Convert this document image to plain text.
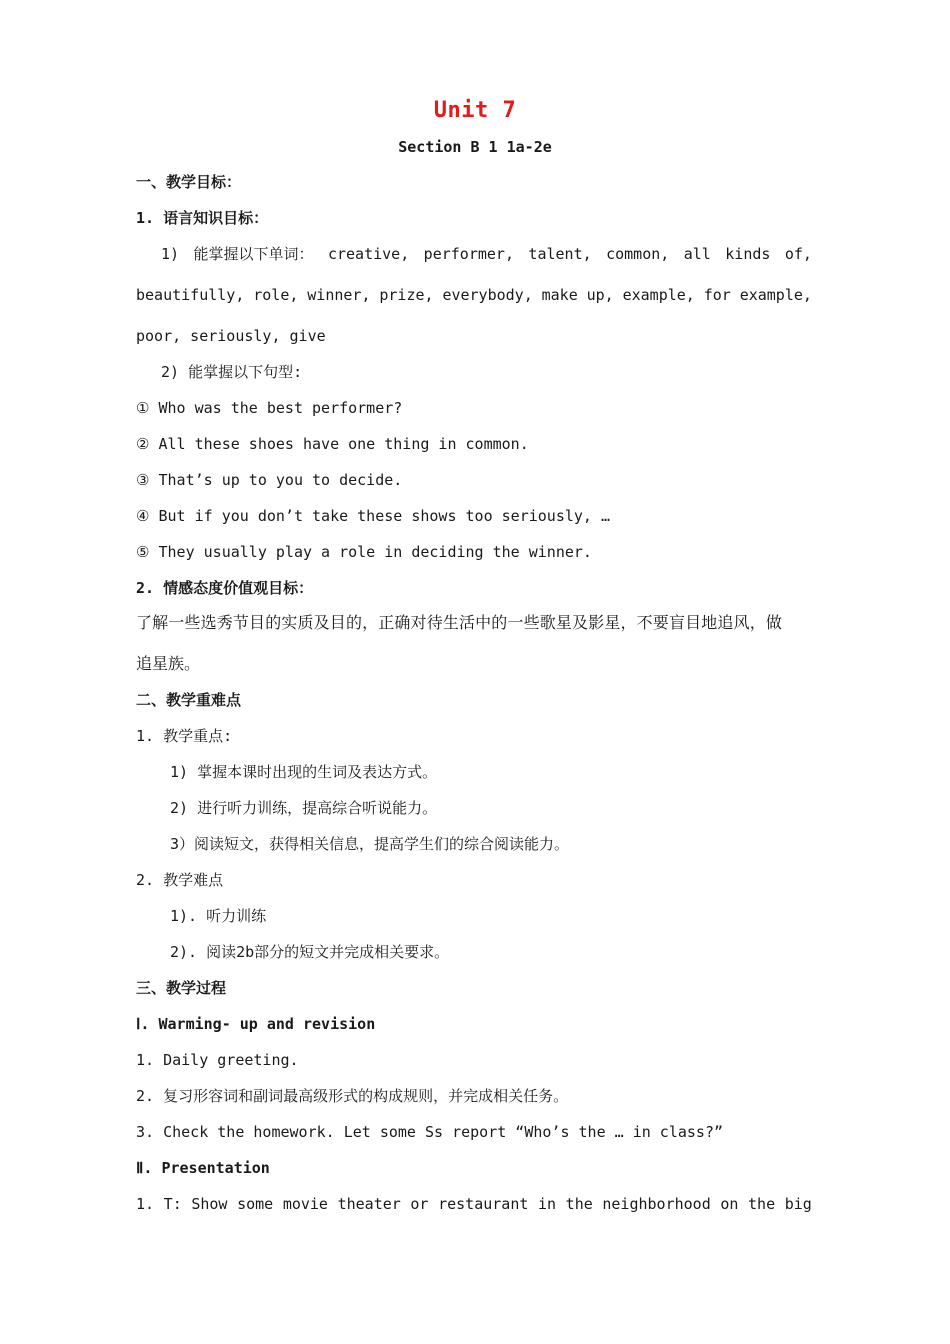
Unit 7
Section B 1 1a-2e
一、教学目标：
1. 语言知识目标：
1) 能掌握以下单词： creative, performer, talent, common, all kinds of,
beautifully, role, winner, prize, everybody, make up, example, for example,
poor, seriously, give
2) 能掌握以下句型:
① Who was the best performer?
② All these shoes have one thing in common.
③ That’s up to you to decide.
④ But if you don’t take these shows too seriously, …
⑤ They usually play a role in deciding the winner.
2. 情感态度价值观目标：
了解一些选秀节目的实质及目的，正确对待生活中的一些歌星及影星，不要盲目地追风，做
追星族。
二、教学重难点
1. 教学重点:
1) 掌握本课时出现的生词及表达方式。
2) 进行听力训练，提高综合听说能力。
3）阅读短文，获得相关信息，提高学生们的综合阅读能力。
2. 教学难点
1). 听力训练
2). 阅读2b部分的短文并完成相关要求。
三、教学过程
Ⅰ. Warming- up and revision
1. Daily greeting.
2. 复习形容词和副词最高级形式的构成规则，并完成相关任务。
3. Check the homework. Let some Ss report “Who’s the … in class?”
Ⅱ. Presentation
1. T: Show some movie theater or restaurant in the neighborhood on the big
